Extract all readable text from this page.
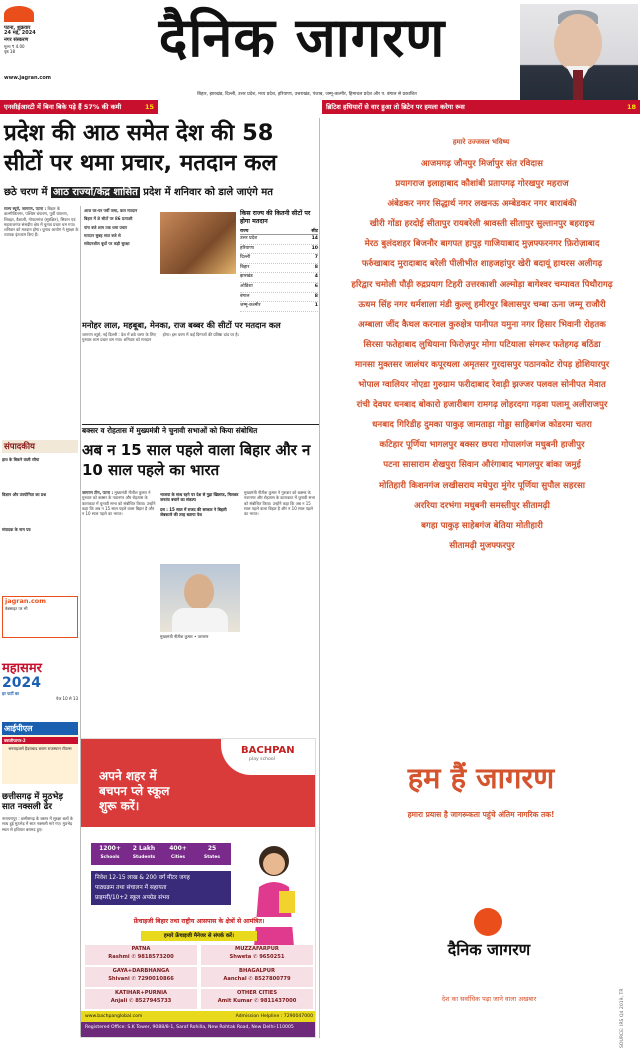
पटना, शुक्रवार
24 मई, 2024
नगर संस्करण
मूल्य ₹ 4.00
पृष्ठ 18
www.jagran.com
दैनिक जागरण
बिहार, झारखंड, दिल्ली, उत्तर प्रदेश, मध्य प्रदेश, हरियाणा, उत्तराखंड, पंजाब, जम्मू-कश्मीर, हिमाचल प्रदेश और प. बंगाल से प्रकाशित
एनसीईआरटी में बिना बिके पड़े हैं 57% की कमी	15	ब्रिटिश हथियारों से वार हुआ तो ब्रिटेन पर हमला करेगा रूस	18
प्रदेश की आठ समेत देश की 58 सीटों पर थमा प्रचार, मतदान कल
छठे चरण में आठ राज्यों/केंद्र शासित प्रदेश में शनिवार को डाले जाएंगे मत
राज्य ब्यूरो, जागरण, पटना : बिहार के वाल्मीकिनगर, पश्चिम चंपारण, पूर्वी चंपारण, शिवहर, वैशाली, गोपालगंज (सुरक्षित), सिवान एवं महाराजगंज संसदीय क्षेत्र में चुनाव प्रचार थम गया। शनिवार को मतदान होगा। चुनाव आयोग ने सुरक्षा के व्यापक इंतजाम किए हैं।
आज घर-घर पर्ची जमा, कल मतदान
बिहार में 8 सीटों पर 86 प्रत्याशी
पांच बजे शाम तक थमा प्रचार
मतदान सुबह सात बजे से
संवेदनशील बूथों पर कड़ी सुरक्षा
किस राज्य की कितनी सीटों पर होगा मतदान
राज्य	सीट
उत्तर प्रदेश	14
हरियाणा	10
दिल्ली	7
बिहार	8
झारखंड	4
ओडिशा	6
बंगाल	8
जम्मू-कश्मीर	1
मनोहर लाल, महबूबा, मेनका, राज बब्बर की सीटों पर मतदान कल
जागरण ब्यूरो, नई दिल्ली : देश में छठे चरण के लिए गुरुवार शाम प्रचार थम गया। शनिवार को मतदान होगा। इस चरण में कई दिग्गजों की प्रतिष्ठा दांव पर है।
बक्सर व रोहतास में मुख्यमंत्री ने चुनावी सभाओं को किया संबोधित
अब न 15 साल पहले वाला बिहार और न 10 साल पहले का भारत
जागरण टीम, पटना : मुख्यमंत्री नीतीश कुमार ने गुरुवार को बक्सर के नवानगर और रोहतास के काराकाट में चुनावी सभा को संबोधित किया। उन्होंने कहा कि अब न 15 साल पहले वाला बिहार है और न 10 साल पहले का भारत।
भाजपा के साथ रहने पर देश से गुड़ा खिलाफ, मिलकर जनतंत्र बचाने का संकल्प
दस : 15 साल में राजद की सरकार ने बिहारी जेबकतरे की तरह बताया पेश
मुख्यमंत्री नीतीश कुमार • जागरण
मुख्यमंत्री नीतीश कुमार ने गुरुवार को बक्सर के नवानगर और रोहतास के काराकाट में चुनावी सभा को संबोधित किया। उन्होंने कहा कि अब न 15 साल पहले वाला बिहार है और न 10 साल पहले का भारत।
संपादकीय
हाथ के बिकने वाली रवैया
विज्ञान और उपयोगिता का प्रश्न
संपादक के नाम पत्र
jagran.com
वेबसाइट पर भी
महासमर
2024
हर पार्टी का
पेज 10 से 13
आईपीएल
क्वालीफायर-2
सनराइजर्स हैदराबाद बनाम राजस्थान रॉयल्स
छत्तीसगढ़ में मुठभेड़ सात नक्सली ढेर
नारायणपुर : छत्तीसगढ़ के बस्तर में सुरक्षा बलों के साथ हुई मुठभेड़ में सात नक्सली मारे गए। मुठभेड़ स्थल से हथियार बरामद हुए।
BACHPAN
play school
अपने शहर में
बचपन प्ले स्कूल
शुरू करें।
1200+
Schools
2 Lakh
Students
400+
Cities
25
States
निवेश 12-15 लाख & 200 वर्ग मीटर जगह
पाठ्यक्रम तथा संचालन में सहायता
प्राइमरी/10+2 स्कूल अपग्रेड संभव
फ्रेंचाइजी बिहार तथा राष्ट्रीय आसपास के क्षेत्रों से आमंत्रित।
हमारे फ्रेंचाइजी मैनेजर से संपर्क करें।
PATNA
Rashmi ✆ 9818573200
MUZZAFARPUR
Shweta ✆ 9650251
GAYA+DARBHANGA
Shivani ✆ 7290010866
BHAGALPUR
Aanchal ✆ 8527800779
KATIHAR+PURNIA
Anjali ✆ 8527945733
OTHER CITIES
Amit Kumar ✆ 9811437000
www.bachpanglobal.com	Admission Helpline : 7290047000
Registered Office: S.K Tower, 9088/8-1, Saraf Rohilla, New Rohtak Road, New Delhi-110005
हमारे उज्जवल भविष्य
आजमगढ़ जौनपुर मिर्जापुर संत रविदास
प्रयागराज इलाहाबाद कौशांबी प्रतापगढ़ गोरखपुर महराज
अंबेडकर नगर सिद्धार्थ नगर लखनऊ अम्बेडकर नगर बाराबंकी
खीरी गोंडा हरदोई सीतापुर रायबरेली श्रावस्ती सीतापुर सुल्तानपुर बहराइच
मेरठ बुलंदशहर बिजनौर बागपत हापुड़ गाजियाबाद मुज़फ्फरनगर फ़िरोज़ाबाद
फर्रुखाबाद मुरादाबाद बरेली पीलीभीत शाहजहांपुर खेरी बदायूं हाथरस अलीगढ़
हरिद्वार चमोली पौड़ी रुद्रप्रयाग टिहरी उत्तरकाशी अल्मोड़ा बागेश्वर चम्पावत पिथौरागढ़
ऊधम सिंह नगर धर्मशाला मंडी कुल्लू हमीरपुर बिलासपुर चम्बा ऊना जम्मू राजौरी
अम्बाला जींद कैथल करनाल कुरुक्षेत्र पानीपत यमुना नगर हिसार भिवानी रोहतक
सिरसा फतेहाबाद लुधियाना फिरोज़पुर मोगा पटियाला संगरूर फतेहगढ़ बठिंडा
मानसा मुक्तसर जालंधर कपूरथला अमृतसर गुरदासपुर पठानकोट रोपड़ होशियारपुर
भोपाल ग्वालियर नोएडा गुरुग्राम फरीदाबाद रेवाड़ी झज्जर पलवल सोनीपत मेवात
रांची देवघर धनबाद बोकारो हजारीबाग रामगढ़ लोहरदगा गढ़वा पलामू अलीराजपुर
धनबाद गिरिडीह दुमका पाकुड़ जामताड़ा गोड्डा साहिबगंज कोडरमा चतरा
कटिहार पूर्णिया भागलपुर बक्सर छपरा गोपालगंज मधुबनी हाजीपुर
पटना सासाराम शेखपुरा सिवान औरंगाबाद भागलपुर बांका जमुई
मोतिहारी किशनगंज लखीसराय मधेपुरा मुंगेर पूर्णिया सुपौल सहरसा
अररिया दरभंगा मधुबनी समस्तीपुर सीतामढ़ी
बगहा पाकुड़ साहेबगंज बेतिया मोतीहारी
सीतामढ़ी मुजफ्फरपुर
हम हैं जागरण
हमारा प्रयास है जागरूकता पहुंचे अंतिम नागरिक तक!
दैनिक जागरण
देश का सर्वाधिक पढ़ा जाने वाला अखबार	SOURCE: IRS Q4 2019, TR
